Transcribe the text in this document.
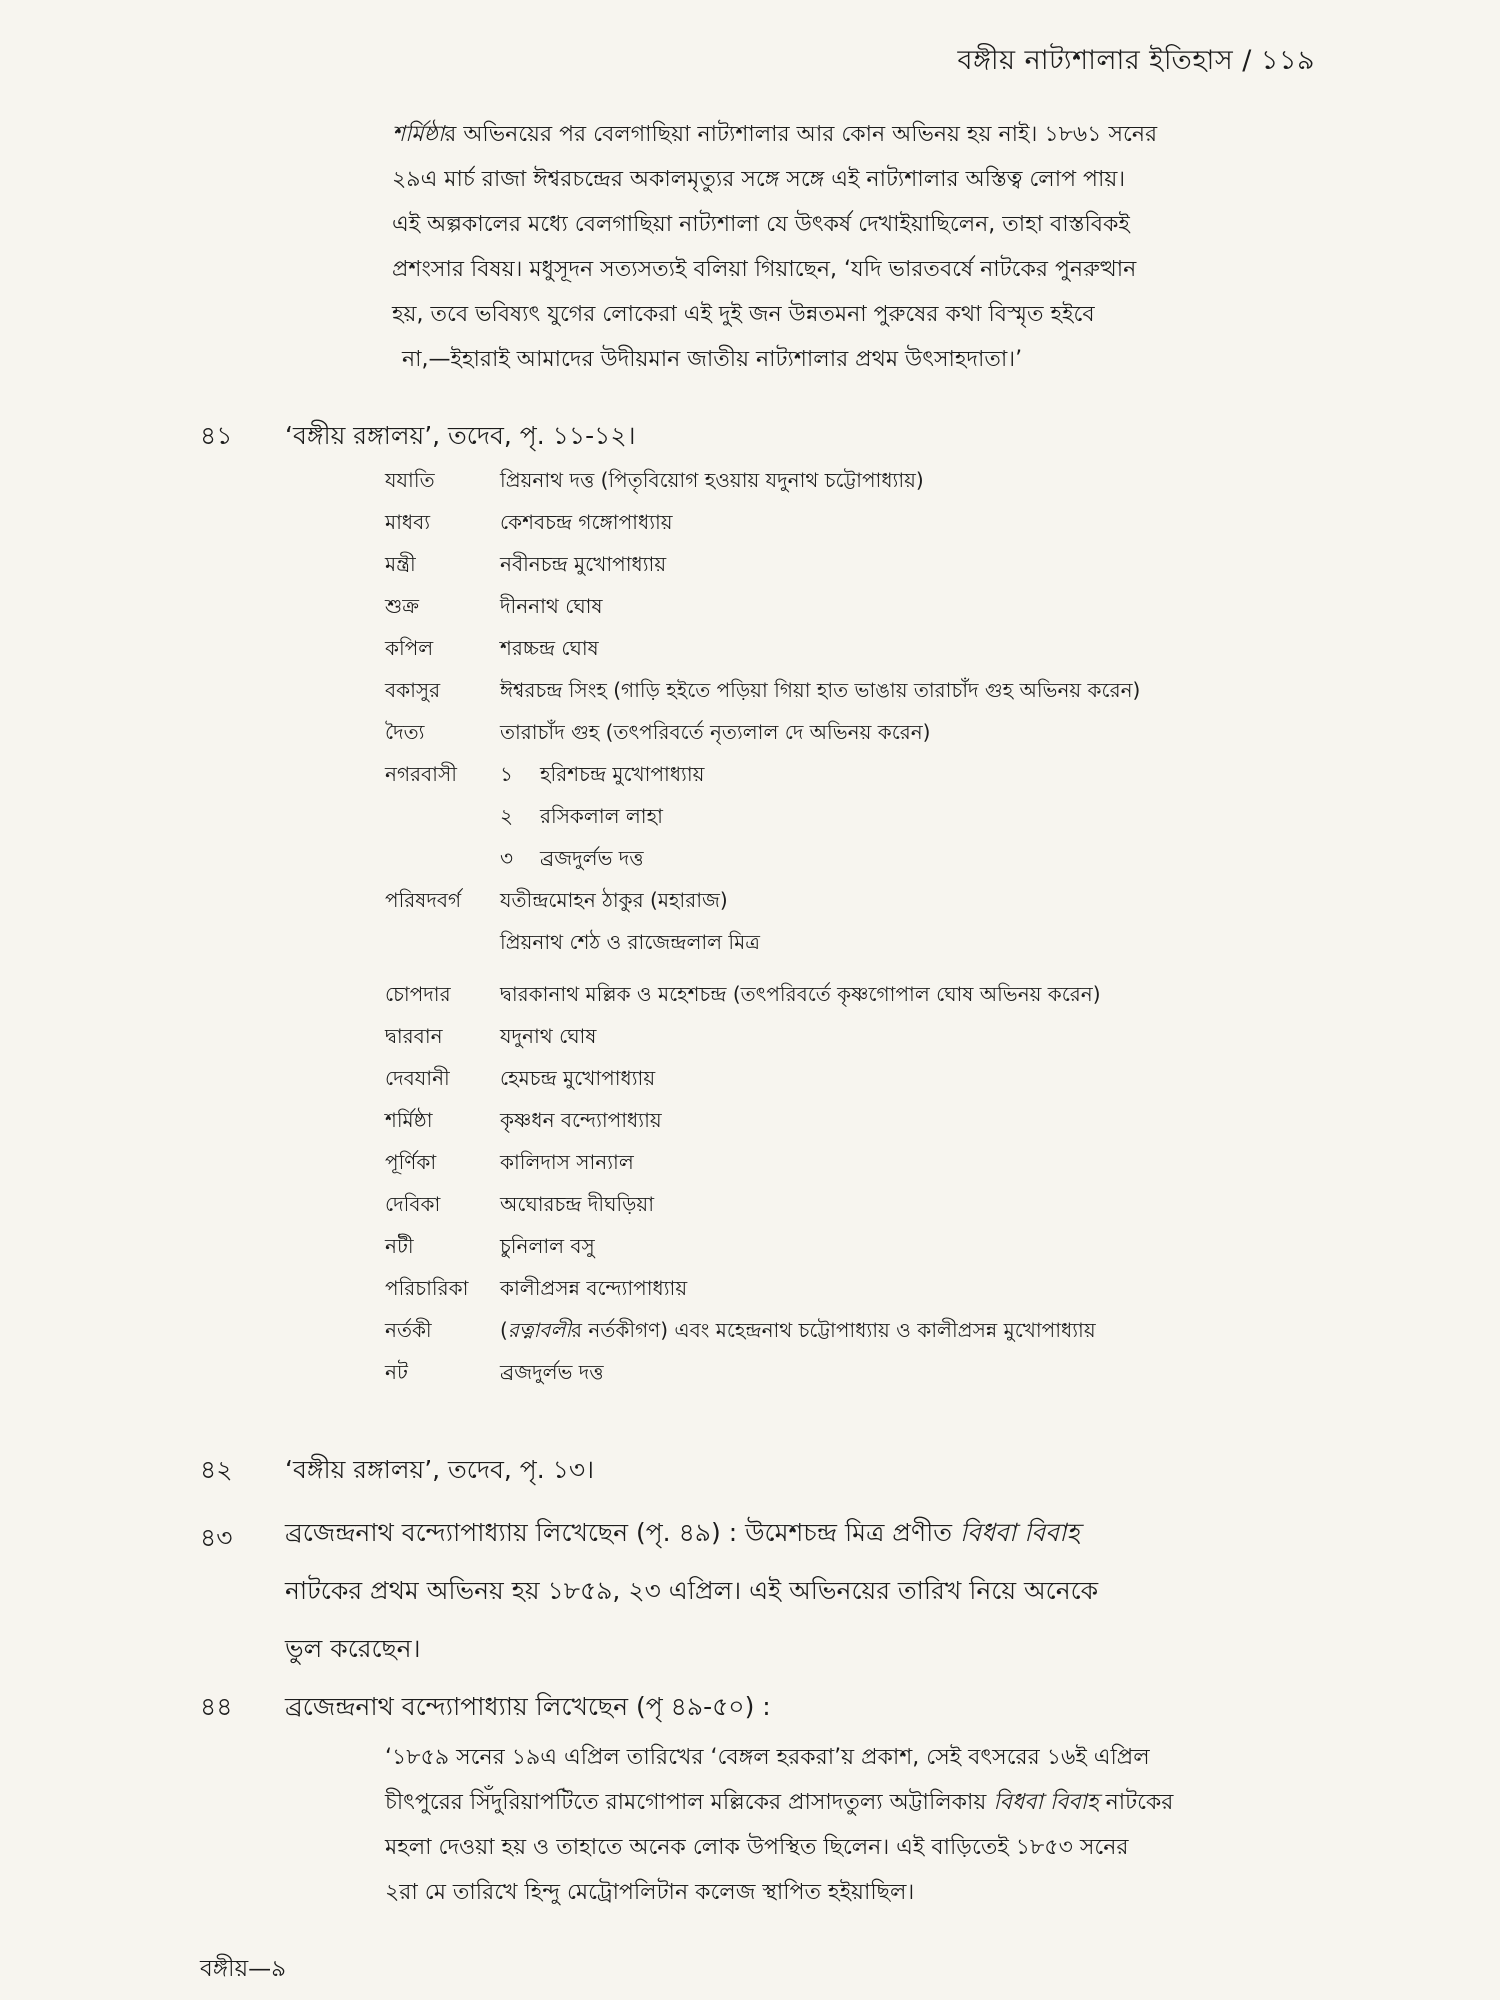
বঙ্গীয় নাট্যশালার ইতিহাস / ১১৯
শর্মিষ্ঠার অভিনয়ের পর বেলগাছিয়া নাট্যশালার আর কোন অভিনয় হয় নাই। ১৮৬১ সনের
২৯এ মার্চ রাজা ঈশ্বরচন্দ্রের অকালমৃত্যুর সঙ্গে সঙ্গে এই নাট্যশালার অস্তিত্ব লোপ পায়।
এই অল্পকালের মধ্যে বেলগাছিয়া নাট্যশালা যে উৎকর্ষ দেখাইয়াছিলেন, তাহা বাস্তবিকই
প্রশংসার বিষয়। মধুসূদন সত্যসত্যই বলিয়া গিয়াছেন, ‘যদি ভারতবর্ষে নাটকের পুনরুত্থান
হয়, তবে ভবিষ্যৎ যুগের লোকেরা এই দুই জন উন্নতমনা পুরুষের কথা বিস্মৃত হইবে
না,—ইহারাই আমাদের উদীয়মান জাতীয় নাট্যশালার প্রথম উৎসাহদাতা।’
৪১ ‘বঙ্গীয় রঙ্গালয়’, তদেব, পৃ. ১১-১২।
যযাতি	প্রিয়নাথ দত্ত (পিতৃবিয়োগ হওয়ায় যদুনাথ চট্টোপাধ্যায়)
মাধব্য	কেশবচন্দ্র গঙ্গোপাধ্যায়
মন্ত্রী	নবীনচন্দ্র মুখোপাধ্যায়
শুক্র	দীননাথ ঘোষ
কপিল	শরচ্চন্দ্র ঘোষ
বকাসুর	ঈশ্বরচন্দ্র সিংহ (গাড়ি হইতে পড়িয়া গিয়া হাত ভাঙায় তারাচাঁদ গুহ অভিনয় করেন)
দৈত্য	তারাচাঁদ গুহ (তৎপরিবর্তে নৃত্যলাল দে অভিনয় করেন)
নগরবাসী ১ হরিশচন্দ্র মুখোপাধ্যায়
২ রসিকলাল লাহা
৩ ব্রজদুর্লভ দত্ত
পরিষদবর্গ যতীন্দ্রমোহন ঠাকুর (মহারাজ)
প্রিয়নাথ শেঠ ও রাজেন্দ্রলাল মিত্র
চোপদার দ্বারকানাথ মল্লিক ও মহেশচন্দ্র (তৎপরিবর্তে কৃষ্ণগোপাল ঘোষ অভিনয় করেন)
দ্বারবান	যদুনাথ ঘোষ
দেবযানী	হেমচন্দ্র মুখোপাধ্যায়
শর্মিষ্ঠা	কৃষ্ণধন বন্দ্যোপাধ্যায়
পূর্ণিকা	কালিদাস সান্যাল
দেবিকা	অঘোরচন্দ্র দীঘড়িয়া
নটী	চুনিলাল বসু
পরিচারিকা কালীপ্রসন্ন বন্দ্যোপাধ্যায়
নর্তকী	(রত্নাবলীর নর্তকীগণ) এবং মহেন্দ্রনাথ চট্টোপাধ্যায় ও কালীপ্রসন্ন মুখোপাধ্যায়
নট	ব্রজদুর্লভ দত্ত
৪২ ‘বঙ্গীয় রঙ্গালয়’, তদেব, পৃ. ১৩।
৪৩ ব্রজেন্দ্রনাথ বন্দ্যোপাধ্যায় লিখেছেন (পৃ. ৪৯) : উমেশচন্দ্র মিত্র প্রণীত বিধবা বিবাহ
নাটকের প্রথম অভিনয় হয় ১৮৫৯, ২৩ এপ্রিল। এই অভিনয়ের তারিখ নিয়ে অনেকে
ভুল করেছেন।
৪৪ ব্রজেন্দ্রনাথ বন্দ্যোপাধ্যায় লিখেছেন (পৃ ৪৯-৫০) :
‘১৮৫৯ সনের ১৯এ এপ্রিল তারিখের ‘বেঙ্গল হরকরা’য় প্রকাশ, সেই বৎসরের ১৬ই এপ্রিল
চীৎপুরের সিঁদুরিয়াপটিতে রামগোপাল মল্লিকের প্রাসাদতুল্য অট্টালিকায় বিধবা বিবাহ নাটকের
মহলা দেওয়া হয় ও তাহাতে অনেক লোক উপস্থিত ছিলেন। এই বাড়িতেই ১৮৫৩ সনের
২রা মে তারিখে হিন্দু মেট্রোপলিটান কলেজ স্থাপিত হইয়াছিল।
বঙ্গীয়—৯
